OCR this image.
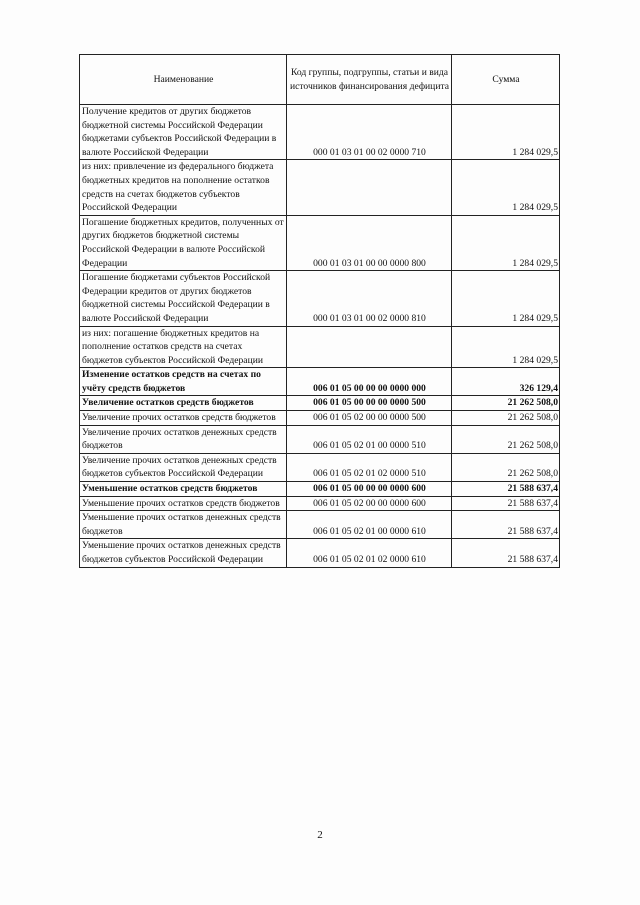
Наименование	Код группы, подгруппы, статьи и вида источников финансирования дефицита	Сумма
Получение кредитов от других бюджетов бюджетной системы Российской Федерации бюджетами субъектов Российской Федерации в валюте Российской Федерации	000 01 03 01 00 02 0000 710	1 284 029,5
из них: привлечение из федерального бюджета бюджетных кредитов на пополнение остатков средств на счетах бюджетов субъектов Российской Федерации		1 284 029,5
Погашение бюджетных кредитов, полученных от других бюджетов бюджетной системы Российской Федерации в валюте Российской Федерации	000 01 03 01 00 00 0000 800	1 284 029,5
Погашение бюджетами субъектов Российской Федерации кредитов от других бюджетов бюджетной системы Российской Федерации в валюте Российской Федерации	000 01 03 01 00 02 0000 810	1 284 029,5
из них: погашение бюджетных кредитов на пополнение остатков средств на счетах бюджетов субъектов Российской Федерации		1 284 029,5
Изменение остатков средств на счетах по учёту средств бюджетов	006 01 05 00 00 00 0000 000	326 129,4
Увеличение остатков средств бюджетов	006 01 05 00 00 00 0000 500	21 262 508,0
Увеличение прочих остатков средств бюджетов	006 01 05 02 00 00 0000 500	21 262 508,0
Увеличение прочих остатков денежных средств бюджетов	006 01 05 02 01 00 0000 510	21 262 508,0
Увеличение прочих остатков денежных средств бюджетов субъектов Российской Федерации	006 01 05 02 01 02 0000 510	21 262 508,0
Уменьшение остатков средств бюджетов	006 01 05 00 00 00 0000 600	21 588 637,4
Уменьшение прочих остатков средств бюджетов	006 01 05 02 00 00 0000 600	21 588 637,4
Уменьшение прочих остатков денежных средств бюджетов	006 01 05 02 01 00 0000 610	21 588 637,4
Уменьшение прочих остатков денежных средств бюджетов субъектов Российской Федерации	006 01 05 02 01 02 0000 610	21 588 637,4
2
